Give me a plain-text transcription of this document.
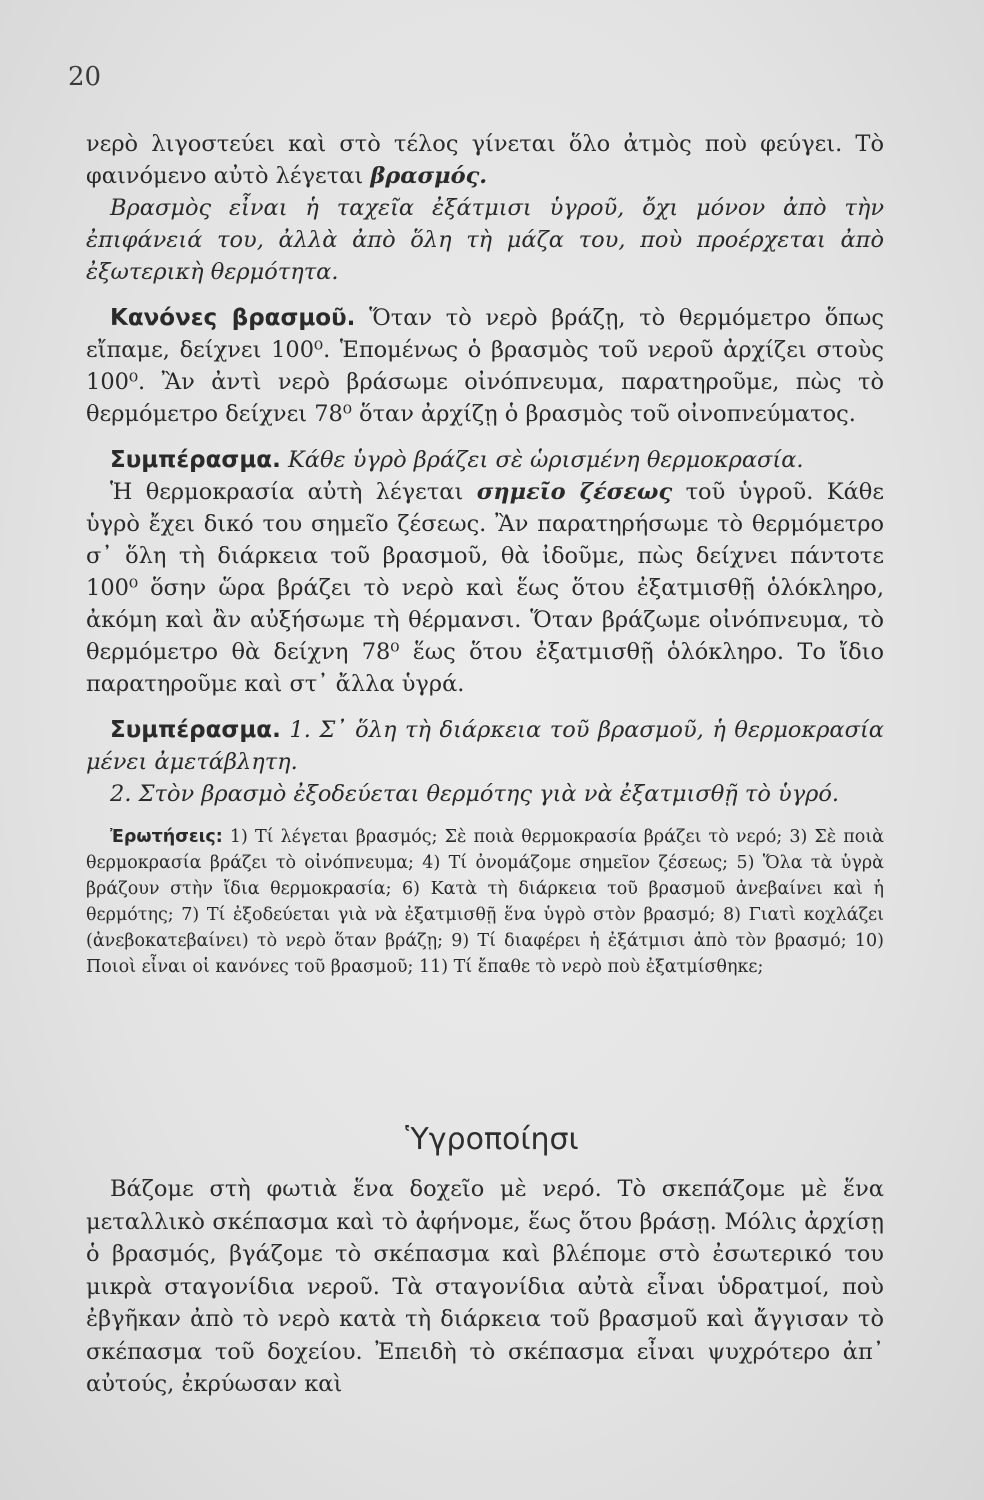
20

νερὸ λιγοστεύει καὶ στὸ τέλος γίνεται ὅλο ἀτμὸς ποὺ φεύγει. Τὸ φαινόμενο αὐτὸ λέγεται βρασμός.

Βρασμὸς εἶναι ἡ ταχεῖα ἐξάτμισι ὑγροῦ, ὄχι μόνον ἀπὸ τὴν ἐπιφάνειά του, ἀλλὰ ἀπὸ ὅλη τὴ μάζα του, ποὺ προέρχεται ἀπὸ ἐξωτερικὴ θερμότητα.

Κανόνες βρασμοῦ. Ὅταν τὸ νερὸ βράζῃ, τὸ θερμόμετρο ὅπως εἴπαμε, δείχνει 100⁰. Ἑπομένως ὁ βρασμὸς τοῦ νεροῦ ἀρχίζει στοὺς 100⁰. Ἂν ἀντὶ νερὸ βράσωμε οἰνόπνευμα, παρατηροῦμε, πὼς τὸ θερμόμετρο δείχνει 78⁰ ὅταν ἀρχίζῃ ὁ βρασμὸς τοῦ οἰνοπνεύματος.

Συμπέρασμα. Κάθε ὑγρὸ βράζει σὲ ὡρισμένη θερμοκρασία.

Ἡ θερμοκρασία αὐτὴ λέγεται σημεῖο ζέσεως τοῦ ὑγροῦ. Κάθε ὑγρὸ ἔχει δικό του σημεῖο ζέσεως. Ἂν παρατηρήσωμε τὸ θερμόμετρο σ᾽ ὅλη τὴ διάρκεια τοῦ βρασμοῦ, θὰ ἰδοῦμε, πὼς δείχνει πάντοτε 100⁰ ὅσην ὥρα βράζει τὸ νερὸ καὶ ἕως ὅτου ἐξατμισθῇ ὁλόκληρο, ἀκόμη καὶ ἂν αὐξήσωμε τὴ θέρμανσι. Ὅταν βράζωμε οἰνόπνευμα, τὸ θερμόμετρο θὰ δείχνη 78⁰ ἕως ὅτου ἐξατμισθῇ ὁλόκληρο. Το ἴδιο παρατηροῦμε καὶ στ᾽ ἄλλα ὑγρά.

Συμπέρασμα. 1. Σ᾽ ὅλη τὴ διάρκεια τοῦ βρασμοῦ, ἡ θερμοκρασία μένει ἀμετάβλητη.

2. Στὸν βρασμὸ ἐξοδεύεται θερμότης γιὰ νὰ ἐξατμισθῇ τὸ ὑγρό.

Ἐρωτήσεις: 1) Τί λέγεται βρασμός; Σὲ ποιὰ θερμοκρασία βράζει τὸ νερό; 3) Σὲ ποιὰ θερμοκρασία βράζει τὸ οἰνόπνευμα; 4) Τί ὀνομάζομε σημεῖον ζέσεως; 5) Ὅλα τὰ ὑγρὰ βράζουν στὴν ἴδια θερμοκρασία; 6) Κατὰ τὴ διάρκεια τοῦ βρασμοῦ ἀνεβαίνει καὶ ἡ θερμότης; 7) Τί ἐξοδεύεται γιὰ νὰ ἐξατμισθῇ ἕνα ὑγρὸ στὸν βρασμό; 8) Γιατὶ κοχλάζει (ἀνεβοκατεβαίνει) τὸ νερὸ ὅταν βράζῃ; 9) Τί διαφέρει ἡ ἐξάτμισι ἀπὸ τὸν βρασμό; 10) Ποιοὶ εἶναι οἱ κανόνες τοῦ βρασμοῦ; 11) Τί ἔπαθε τὸ νερὸ ποὺ ἐξατμίσθηκε;

Ὑγροποίησι

Βάζομε στὴ φωτιὰ ἕνα δοχεῖο μὲ νερό. Τὸ σκεπάζομε μὲ ἕνα μεταλλικὸ σκέπασμα καὶ τὸ ἀφήνομε, ἕως ὅτου βράσῃ. Μόλις ἀρχίσῃ ὁ βρασμός, βγάζομε τὸ σκέπασμα καὶ βλέπομε στὸ ἐσωτερικό του μικρὰ σταγονίδια νεροῦ. Τὰ σταγονίδια αὐτὰ εἶναι ὑδρατμοί, ποὺ ἐβγῆκαν ἀπὸ τὸ νερὸ κατὰ τὴ διάρκεια τοῦ βρασμοῦ καὶ ἄγγισαν τὸ σκέπασμα τοῦ δοχείου. Ἐπειδὴ τὸ σκέπασμα εἶναι ψυχρότερο ἀπ᾽ αὐτούς, ἐκρύωσαν καὶ
